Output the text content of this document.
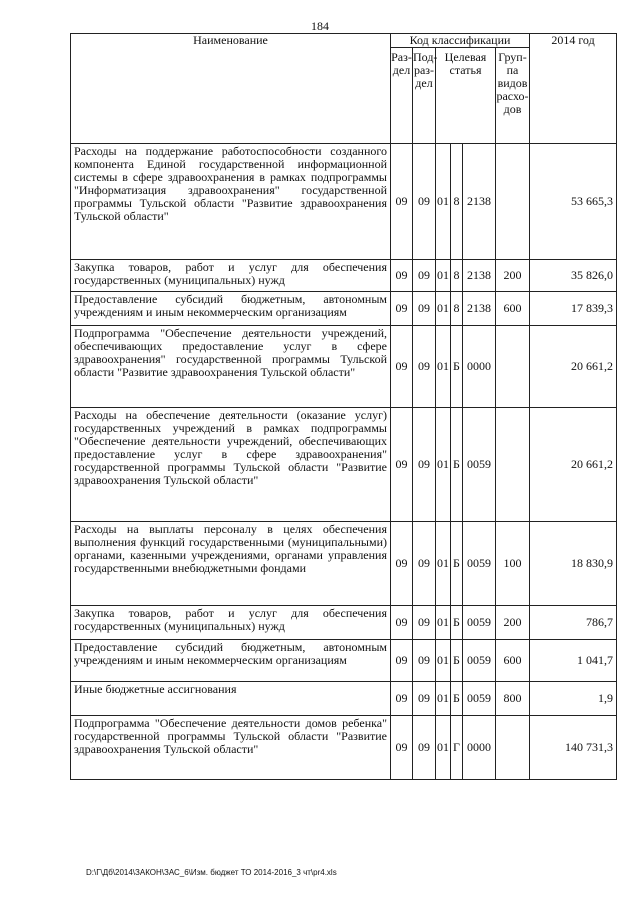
184
Наименование	Код классификации						2014 год
	Раз-дел	Под-раз-дел	Целевая статья			Груп-па видов расхо-дов	
Расходы на поддержание работоспособности созданного компонента Единой государственной информационной системы в сфере здравоохранения в рамках подпрограммы "Информатизация здравоохранения" государственной программы Тульской области "Развитие здравоохранения Тульской области"	09	09	01	8	2138		53 665,3
Закупка товаров, работ и услуг для обеспечения государственных (муниципальных) нужд	09	09	01	8	2138	200	35 826,0
Предоставление субсидий бюджетным, автономным учреждениям и иным некоммерческим организациям	09	09	01	8	2138	600	17 839,3
Подпрограмма "Обеспечение деятельности учреждений, обеспечивающих предоставление услуг в сфере здравоохранения" государственной программы Тульской области "Развитие здравоохранения Тульской области"	09	09	01	Б	0000		20 661,2
Расходы на обеспечение деятельности (оказание услуг) государственных учреждений в рамках подпрограммы "Обеспечение деятельности учреждений, обеспечивающих предоставление услуг в сфере здравоохранения" государственной программы Тульской области "Развитие здравоохранения Тульской области"	09	09	01	Б	0059		20 661,2
Расходы на выплаты персоналу в целях обеспечения выполнения функций государственными (муниципальными) органами, казенными учреждениями, органами управления государственными внебюджетными фондами	09	09	01	Б	0059	100	18 830,9
Закупка товаров, работ и услуг для обеспечения государственных (муниципальных) нужд	09	09	01	Б	0059	200	786,7
Предоставление субсидий бюджетным, автономным учреждениям и иным некоммерческим организациям	09	09	01	Б	0059	600	1 041,7
Иные бюджетные ассигнования	09	09	01	Б	0059	800	1,9
Подпрограмма "Обеспечение деятельности домов ребенка" государственной программы Тульской области "Развитие здравоохранения Тульской области"	09	09	01	Г	0000		140 731,3
D:\Г\Дб\2014\ЗАКОН\ЗАС_6\Изм. бюджет ТО 2014-2016_3 чт\pr4.xls
